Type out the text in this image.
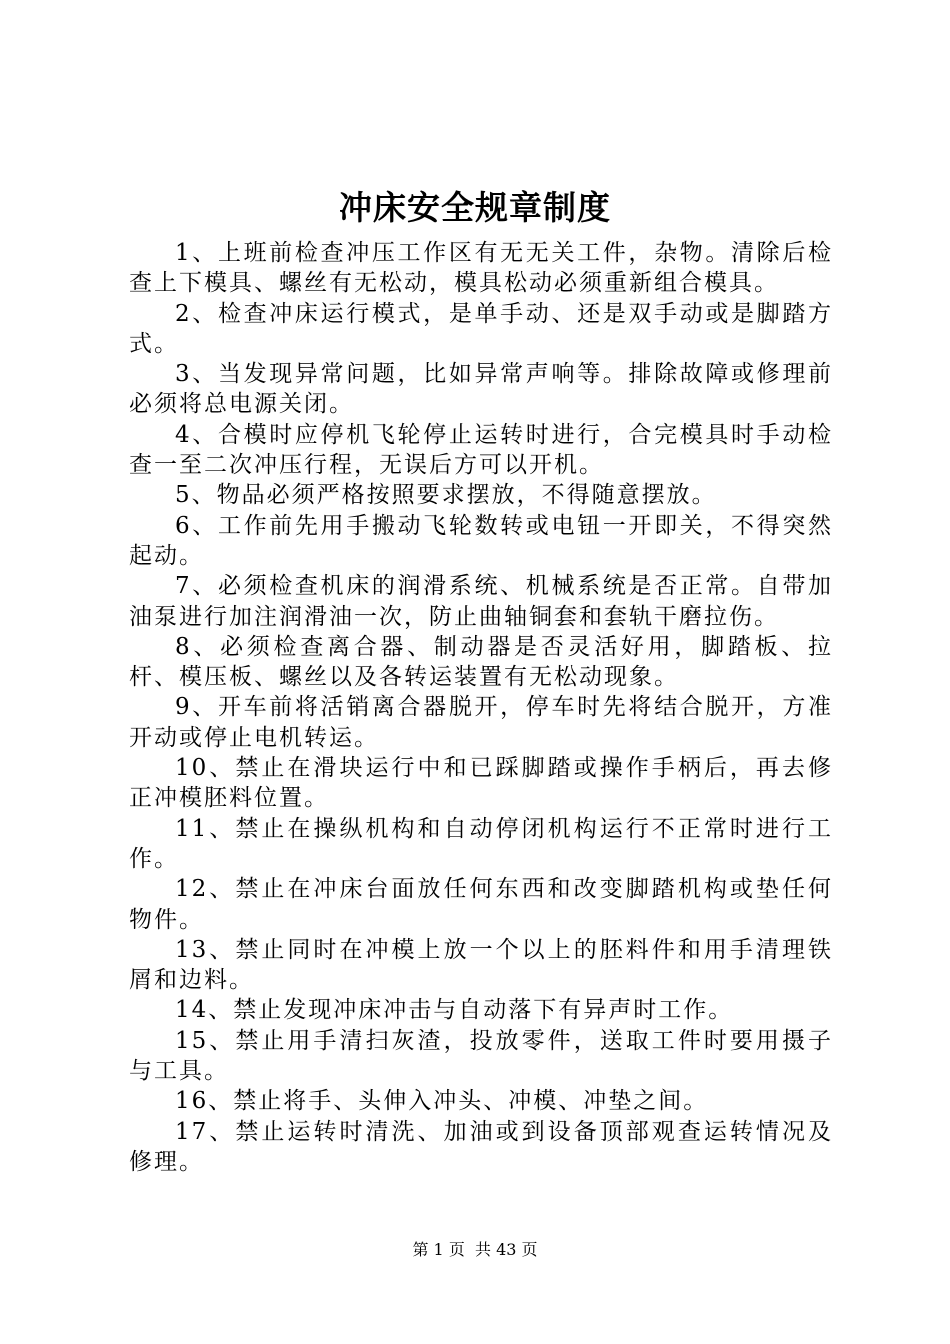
冲床安全规章制度

1、上班前检查冲压工作区有无无关工件，杂物。清除后检查上下模具、螺丝有无松动，模具松动必须重新组合模具。

2、检查冲床运行模式，是单手动、还是双手动或是脚踏方式。

3、当发现异常问题，比如异常声响等。排除故障或修理前必须将总电源关闭。

4、合模时应停机飞轮停止运转时进行，合完模具时手动检查一至二次冲压行程，无误后方可以开机。

5、物品必须严格按照要求摆放，不得随意摆放。

6、工作前先用手搬动飞轮数转或电钮一开即关，不得突然起动。

7、必须检查机床的润滑系统、机械系统是否正常。自带加油泵进行加注润滑油一次，防止曲轴铜套和套轨干磨拉伤。

8、必须检查离合器、制动器是否灵活好用，脚踏板、拉杆、模压板、螺丝以及各转运装置有无松动现象。

9、开车前将活销离合器脱开，停车时先将结合脱开，方准开动或停止电机转运。

10、禁止在滑块运行中和已踩脚踏或操作手柄后，再去修正冲模胚料位置。

11、禁止在操纵机构和自动停闭机构运行不正常时进行工作。

12、禁止在冲床台面放任何东西和改变脚踏机构或垫任何物件。

13、禁止同时在冲模上放一个以上的胚料件和用手清理铁屑和边料。

14、禁止发现冲床冲击与自动落下有异声时工作。

15、禁止用手清扫灰渣，投放零件，送取工件时要用摄子与工具。

16、禁止将手、头伸入冲头、冲模、冲垫之间。

17、禁止运转时清洗、加油或到设备顶部观查运转情况及修理。

第 1 页  共 43 页
